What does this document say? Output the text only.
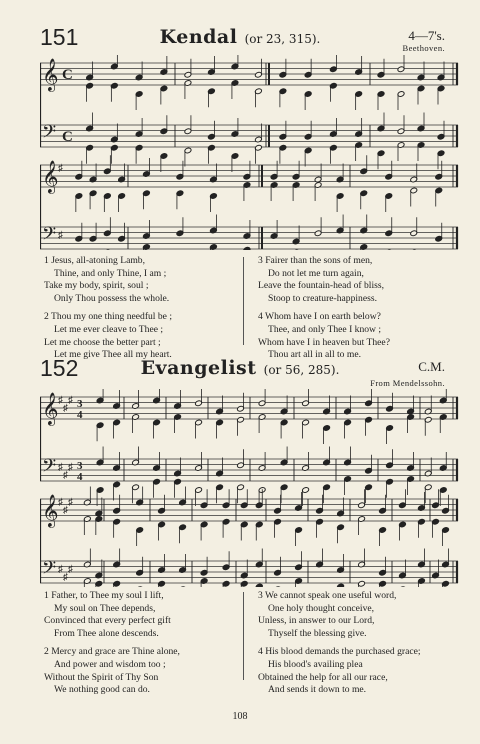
151	Kendal (or 23, 315).	4—7's.
Beethoven.
𝄞
𝄢
C
C
𝄞
𝄢
♯
♯
1 Jesus, all-atoning Lamb,
Thine, and only Thine, I am ;
Take my body, spirit, soul ;
Only Thou possess the whole.
2 Thou my one thing needful be ;
Let me ever cleave to Thee ;
Let me choose the better part ;
Let me give Thee all my heart.
3 Fairer than the sons of men,
Do not let me turn again,
Leave the fountain-head of bliss,
Stoop to creature-happiness.
4 Whom have I on earth below?
Thee, and only Thee I know ;
Whom have I in heaven but Thee?
Thou art all in all to me.
152	Evangelist (or 56, 285).	C.M.
From Mendelssohn.
𝄞
𝄢
♯
♯
♯
♯
♯
♯
3
4
3
4
𝄞
𝄢
♯
♯
♯
♯
♯
♯
1 Father, to Thee my soul I lift,
My soul on Thee depends,
Convinced that every perfect gift
From Thee alone descends.
2 Mercy and grace are Thine alone,
And power and wisdom too ;
Without the Spirit of Thy Son
We nothing good can do.
3 We cannot speak one useful word,
One holy thought conceive,
Unless, in answer to our Lord,
Thyself the blessing give.
4 His blood demands the purchased grace;
His blood's availing plea
Obtained the help for all our race,
And sends it down to me.
108
